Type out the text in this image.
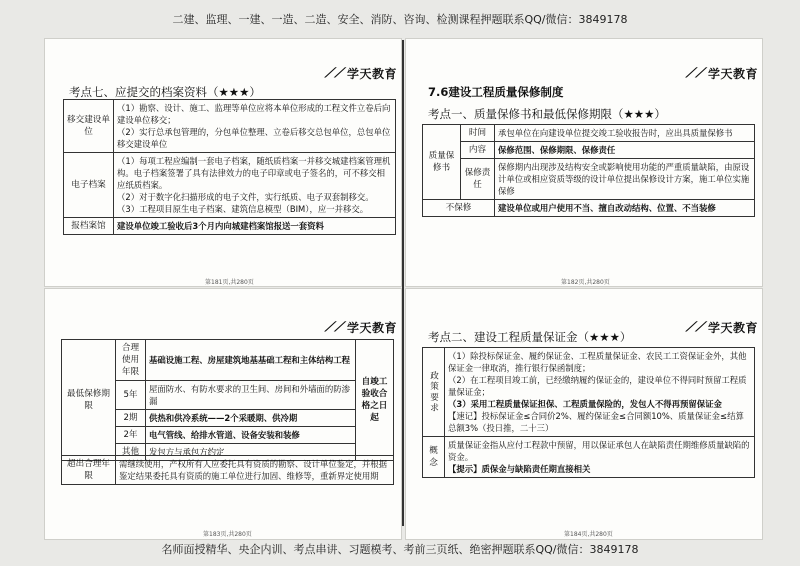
二建、监理、一建、一造、二造、安全、消防、咨询、检测课程押题联系QQ/微信：3849178
⟋⟋ 学天教育
考点七、应提交的档案资料（★★★）
移交建设单位	（1）勘察、设计、施工、监理等单位应将本单位形成的工程文件立卷后向建设单位移交；
（2）实行总承包管理的，分包单位整理、立卷后移交总包单位，总包单位移交建设单位

电子档案	（1）每项工程应编制一套电子档案，随纸质档案一并移交城建档案管理机构。电子档案签署了具有法律效力的电子印章或电子签名的，可不移交相应纸质档案。
（2）对于数字化扫描形成的电子文件，实行纸质、电子双套制移交。
（3）工程项目原生电子档案、建筑信息模型（BIM），应一并移交。

报档案馆	建设单位竣工验收后3个月内向城建档案馆报送一套资料
第181页,共280页
⟋⟋ 学天教育
7.6建设工程质量保修制度
考点一、质量保修书和最低保修期限（★★★）
质量保修书	时间	承包单位在向建设单位提交竣工验收报告时，应出具质量保修书
	内容	保修范围、保修期限、保修责任
	保修责任	保修期内出现涉及结构安全或影响使用功能的严重质量缺陷，由原设计单位或相应资质等级的设计单位提出保修设计方案，施工单位实施保修
不保修		建设单位或用户使用不当、擅自改动结构、位置、不当装修
第182页,共280页
⟋⟋ 学天教育
最低保修期限	合理使用年限	基础设施工程、房屋建筑地基基础工程和主体结构工程	自竣工验收合格之日起
	5年	屋面防水、有防水要求的卫生间、房间和外墙面的防渗漏	
	2期	供热和供冷系统——2个采暖期、供冷期	
	2年	电气管线、给排水管道、设备安装和装修	
	其他	发包方与承包方约定	
超出合理年限	需继续使用，产权所有人应委托具有资质的勘察、设计单位鉴定，并根据鉴定结果委托具有资质的施工单位进行加固、维修等，重新界定使用期
第183页,共280页
⟋⟋ 学天教育
考点二、建设工程质量保证金（★★★）
政策要求	（1）除投标保证金、履约保证金、工程质量保证金、农民工工资保证金外，其他保证金一律取消，推行银行保函制度；
（2）在工程项目竣工前，已经缴纳履约保证金的，建设单位不得同时预留工程质量保证金；
（3）采用工程质量保证担保、工程质量保险的，发包人不得再预留保证金
【速记】投标保证金≤合同价2%、履约保证金≤合同额10%、质量保证金≤结算总额3%（投日推，二十三）

概念	质量保证金指从应付工程款中预留，用以保证承包人在缺陷责任期维修质量缺陷的资金。
【提示】质保金与缺陷责任期直接相关
第184页,共280页
名师面授精华、央企内训、考点串讲、习题模考、考前三页纸、绝密押题联系QQ/微信：3849178
